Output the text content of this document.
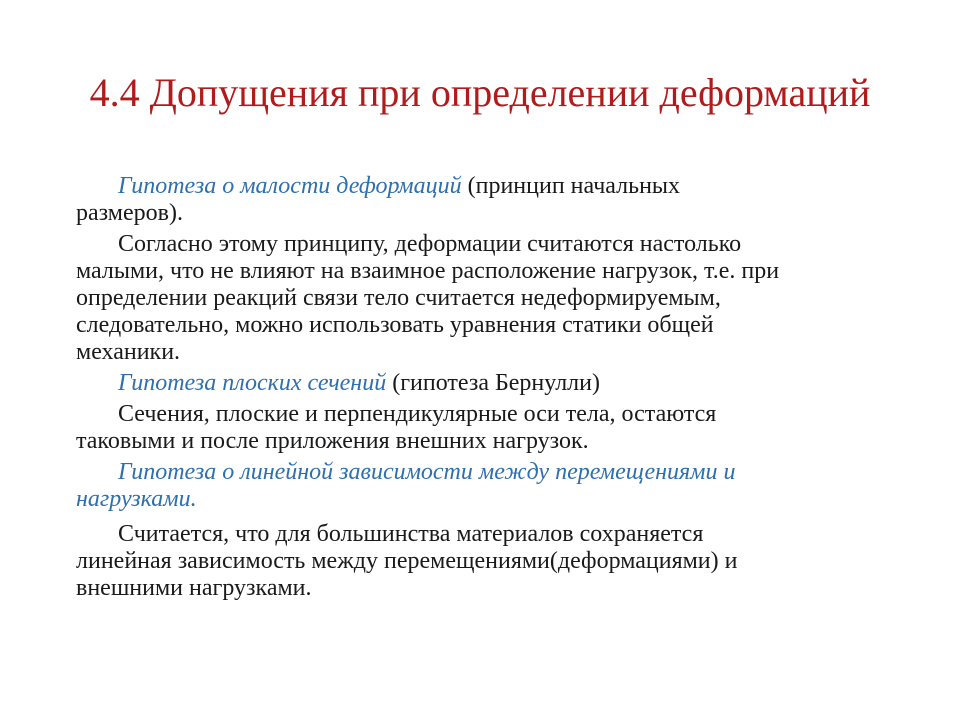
4.4 Допущения при определении деформаций
Гипотеза о малости деформаций (принцип начальных
размеров).
Согласно этому принципу, деформации считаются настолько
малыми, что не влияют на взаимное расположение нагрузок, т.е. при
определении реакций связи тело считается недеформируемым,
следовательно, можно использовать уравнения статики общей
механики.
Гипотеза плоских сечений (гипотеза Бернулли)
Сечения, плоские и перпендикулярные оси тела, остаются
таковыми и после приложения внешних нагрузок.
Гипотеза о линейной зависимости между перемещениями и
нагрузками.
Считается, что для большинства материалов сохраняется
линейная зависимость между перемещениями(деформациями) и
внешними нагрузками.
